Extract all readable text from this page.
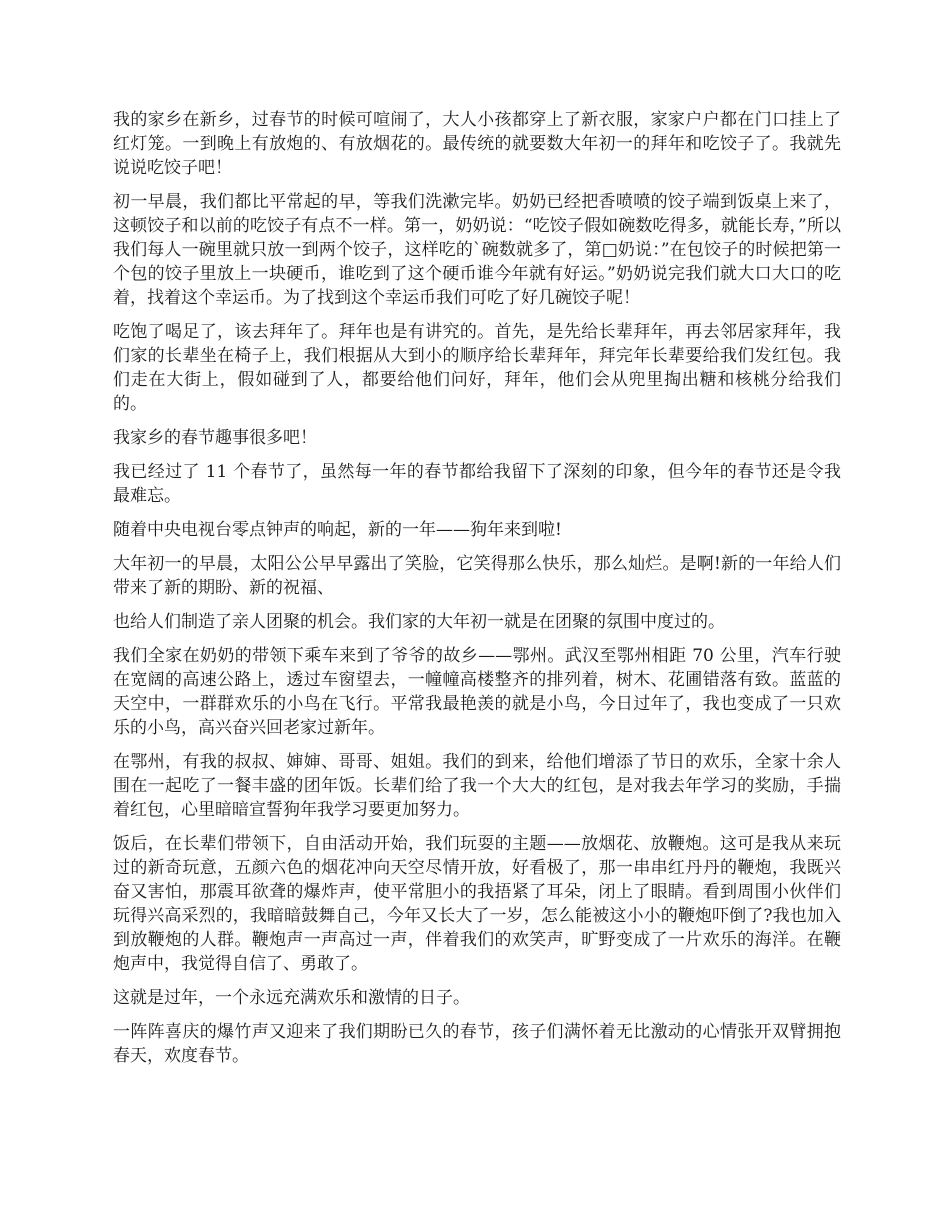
我的家乡在新乡，过春节的时候可喧闹了，大人小孩都穿上了新衣服，家家户户都在门口挂上了红灯笼。一到晚上有放炮的、有放烟花的。最传统的就要数大年初一的拜年和吃饺子了。我就先说说吃饺子吧！

初一早晨，我们都比平常起的早，等我们洗漱完毕。奶奶已经把香喷喷的饺子端到饭桌上来了，这顿饺子和以前的吃饺子有点不一样。第一，奶奶说：“吃饺子假如碗数吃得多，就能长寿，”所以我们每人一碗里就只放一到两个饺子，这样吃的`碗数就多了，第□奶说：”在包饺子的时候把第一个包的饺子里放上一块硬币，谁吃到了这个硬币谁今年就有好运。”奶奶说完我们就大口大口的吃着，找着这个幸运币。为了找到这个幸运币我们可吃了好几碗饺子呢！

吃饱了喝足了，该去拜年了。拜年也是有讲究的。首先，是先给长辈拜年，再去邻居家拜年，我们家的长辈坐在椅子上，我们根据从大到小的顺序给长辈拜年，拜完年长辈要给我们发红包。我们走在大街上，假如碰到了人，都要给他们问好，拜年，他们会从兜里掏出糖和核桃分给我们的。

我家乡的春节趣事很多吧！

我已经过了 11 个春节了，虽然每一年的春节都给我留下了深刻的印象，但今年的春节还是令我最难忘。

随着中央电视台零点钟声的响起，新的一年——狗年来到啦!

大年初一的早晨，太阳公公早早露出了笑脸，它笑得那么快乐，那么灿烂。是啊!新的一年给人们带来了新的期盼、新的祝福、

也给人们制造了亲人团聚的机会。我们家的大年初一就是在团聚的氛围中度过的。

我们全家在奶奶的带领下乘车来到了爷爷的故乡——鄂州。武汉至鄂州相距 70 公里，汽车行驶在宽阔的高速公路上，透过车窗望去，一幢幢高楼整齐的排列着，树木、花圃错落有致。蓝蓝的天空中，一群群欢乐的小鸟在飞行。平常我最艳羡的就是小鸟，今日过年了，我也变成了一只欢乐的小鸟，高兴奋兴回老家过新年。

在鄂州，有我的叔叔、婶婶、哥哥、姐姐。我们的到来，给他们增添了节日的欢乐，全家十余人围在一起吃了一餐丰盛的团年饭。长辈们给了我一个大大的红包，是对我去年学习的奖励，手揣着红包，心里暗暗宣誓狗年我学习要更加努力。

饭后，在长辈们带领下，自由活动开始，我们玩耍的主题——放烟花、放鞭炮。这可是我从来玩过的新奇玩意，五颜六色的烟花冲向天空尽情开放，好看极了，那一串串红丹丹的鞭炮，我既兴奋又害怕，那震耳欲聋的爆炸声，使平常胆小的我捂紧了耳朵，闭上了眼睛。看到周围小伙伴们玩得兴高采烈的，我暗暗鼓舞自己，今年又长大了一岁，怎么能被这小小的鞭炮吓倒了?我也加入到放鞭炮的人群。鞭炮声一声高过一声，伴着我们的欢笑声，旷野变成了一片欢乐的海洋。在鞭炮声中，我觉得自信了、勇敢了。

这就是过年，一个永远充满欢乐和激情的日子。

一阵阵喜庆的爆竹声又迎来了我们期盼已久的春节，孩子们满怀着无比激动的心情张开双臂拥抱春天，欢度春节。
